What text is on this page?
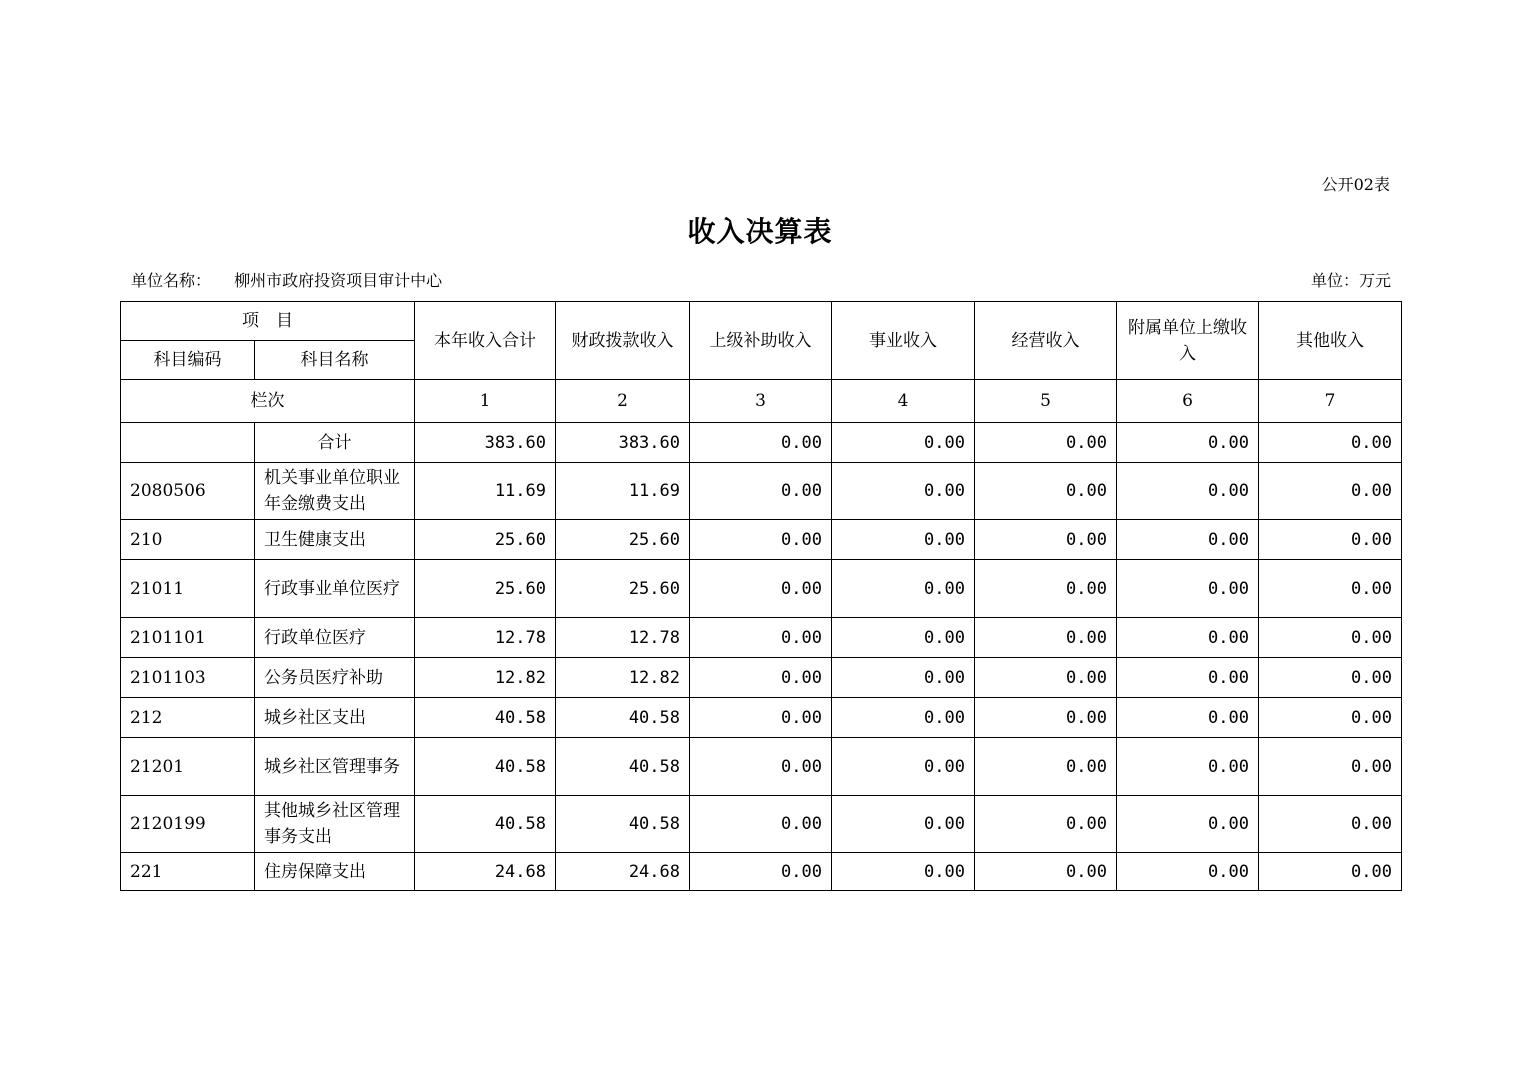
公开02表
收入决算表
单位名称： 柳州市政府投资项目审计中心	单位：万元
项　目		本年收入合计	财政拨款收入	上级补助收入	事业收入	经营收入	附属单位上缴收入	其他收入
科目编码	科目名称							
栏次		1	2	3	4	5	6	7
	合计	383.60	383.60	0.00	0.00	0.00	0.00	0.00
2080506	机关事业单位职业年金缴费支出	11.69	11.69	0.00	0.00	0.00	0.00	0.00
210	卫生健康支出	25.60	25.60	0.00	0.00	0.00	0.00	0.00
21011	行政事业单位医疗	25.60	25.60	0.00	0.00	0.00	0.00	0.00
2101101	行政单位医疗	12.78	12.78	0.00	0.00	0.00	0.00	0.00
2101103	公务员医疗补助	12.82	12.82	0.00	0.00	0.00	0.00	0.00
212	城乡社区支出	40.58	40.58	0.00	0.00	0.00	0.00	0.00
21201	城乡社区管理事务	40.58	40.58	0.00	0.00	0.00	0.00	0.00
2120199	其他城乡社区管理事务支出	40.58	40.58	0.00	0.00	0.00	0.00	0.00
221	住房保障支出	24.68	24.68	0.00	0.00	0.00	0.00	0.00
